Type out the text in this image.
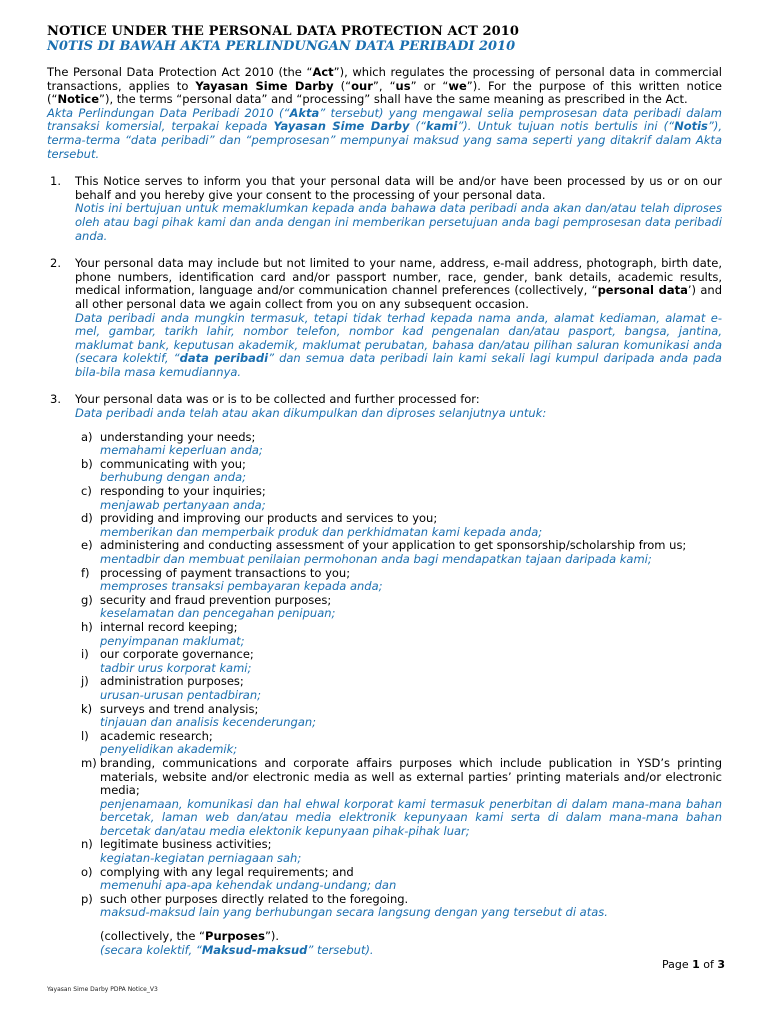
NOTICE UNDER THE PERSONAL DATA PROTECTION ACT 2010
N0TIS DI BAWAH AKTA PERLINDUNGAN DATA PERIBADI 2010

The Personal Data Protection Act 2010 (the “Act”), which regulates the processing of personal data in commercial transactions, applies to Yayasan Sime Darby (“our”, “us” or “we”). For the purpose of this written notice (“Notice”), the terms “personal data” and “processing” shall have the same meaning as prescribed in the Act.

Akta Perlindungan Data Peribadi 2010 (“Akta” tersebut) yang mengawal selia pemprosesan data peribadi dalam transaksi komersial, terpakai kepada Yayasan Sime Darby (“kami”). Untuk tujuan notis bertulis ini (“Notis”), terma-terma “data peribadi” dan “pemprosesan” mempunyai maksud yang sama seperti yang ditakrif dalam Akta tersebut.

1. This Notice serves to inform you that your personal data will be and/or have been processed by us or on our behalf and you hereby give your consent to the processing of your personal data.

Notis ini bertujuan untuk memaklumkan kepada anda bahawa data peribadi anda akan dan/atau telah diproses oleh atau bagi pihak kami dan anda dengan ini memberikan persetujuan anda bagi pemprosesan data peribadi anda.

2. Your personal data may include but not limited to your name, address, e-mail address, photograph, birth date, phone numbers, identification card and/or passport number, race, gender, bank details, academic results, medical information, language and/or communication channel preferences (collectively, “personal data’) and all other personal data we again collect from you on any subsequent occasion.

Data peribadi anda mungkin termasuk, tetapi tidak terhad kepada nama anda, alamat kediaman, alamat e-mel, gambar, tarikh lahir, nombor telefon, nombor kad pengenalan dan/atau pasport, bangsa, jantina, maklumat bank, keputusan akademik, maklumat perubatan, bahasa dan/atau pilihan saluran komunikasi anda (secara kolektif, “data peribadi” dan semua data peribadi lain kami sekali lagi kumpul daripada anda pada bila-bila masa kemudiannya.

3. Your personal data was or is to be collected and further processed for:

Data peribadi anda telah atau akan dikumpulkan dan diproses selanjutnya untuk:

a) understanding your needs;

memahami keperluan anda;

b) communicating with you;

berhubung dengan anda;

c) responding to your inquiries;

menjawab pertanyaan anda;

d) providing and improving our products and services to you;

memberikan dan memperbaik produk dan perkhidmatan kami kepada anda;

e) administering and conducting assessment of your application to get sponsorship/scholarship from us;

mentadbir dan membuat penilaian permohonan anda bagi mendapatkan tajaan daripada kami;

f) processing of payment transactions to you;

memproses transaksi pembayaran kepada anda;

g) security and fraud prevention purposes;

keselamatan dan pencegahan penipuan;

h) internal record keeping;

penyimpanan maklumat;

i) our corporate governance;

tadbir urus korporat kami;

j) administration purposes;

urusan-urusan pentadbiran;

k) surveys and trend analysis;

tinjauan dan analisis kecenderungan;

l) academic research;

penyelidikan akademik;

m) branding, communications and corporate affairs purposes which include publication in YSD’s printing materials, website and/or electronic media as well as external parties’ printing materials and/or electronic media;

penjenamaan, komunikasi dan hal ehwal korporat kami termasuk penerbitan di dalam mana-mana bahan bercetak, laman web dan/atau media elektronik kepunyaan kami serta di dalam mana-mana bahan bercetak dan/atau media elektonik kepunyaan pihak-pihak luar;

n) legitimate business activities;

kegiatan-kegiatan perniagaan sah;

o) complying with any legal requirements; and

memenuhi apa-apa kehendak undang-undang; dan

p) such other purposes directly related to the foregoing.

maksud-maksud lain yang berhubungan secara langsung dengan yang tersebut di atas.

(collectively, the “Purposes”).

(secara kolektif, “Maksud-maksud” tersebut).

Page 1 of 3
Yayasan Sime Darby PDPA Notice_V3
